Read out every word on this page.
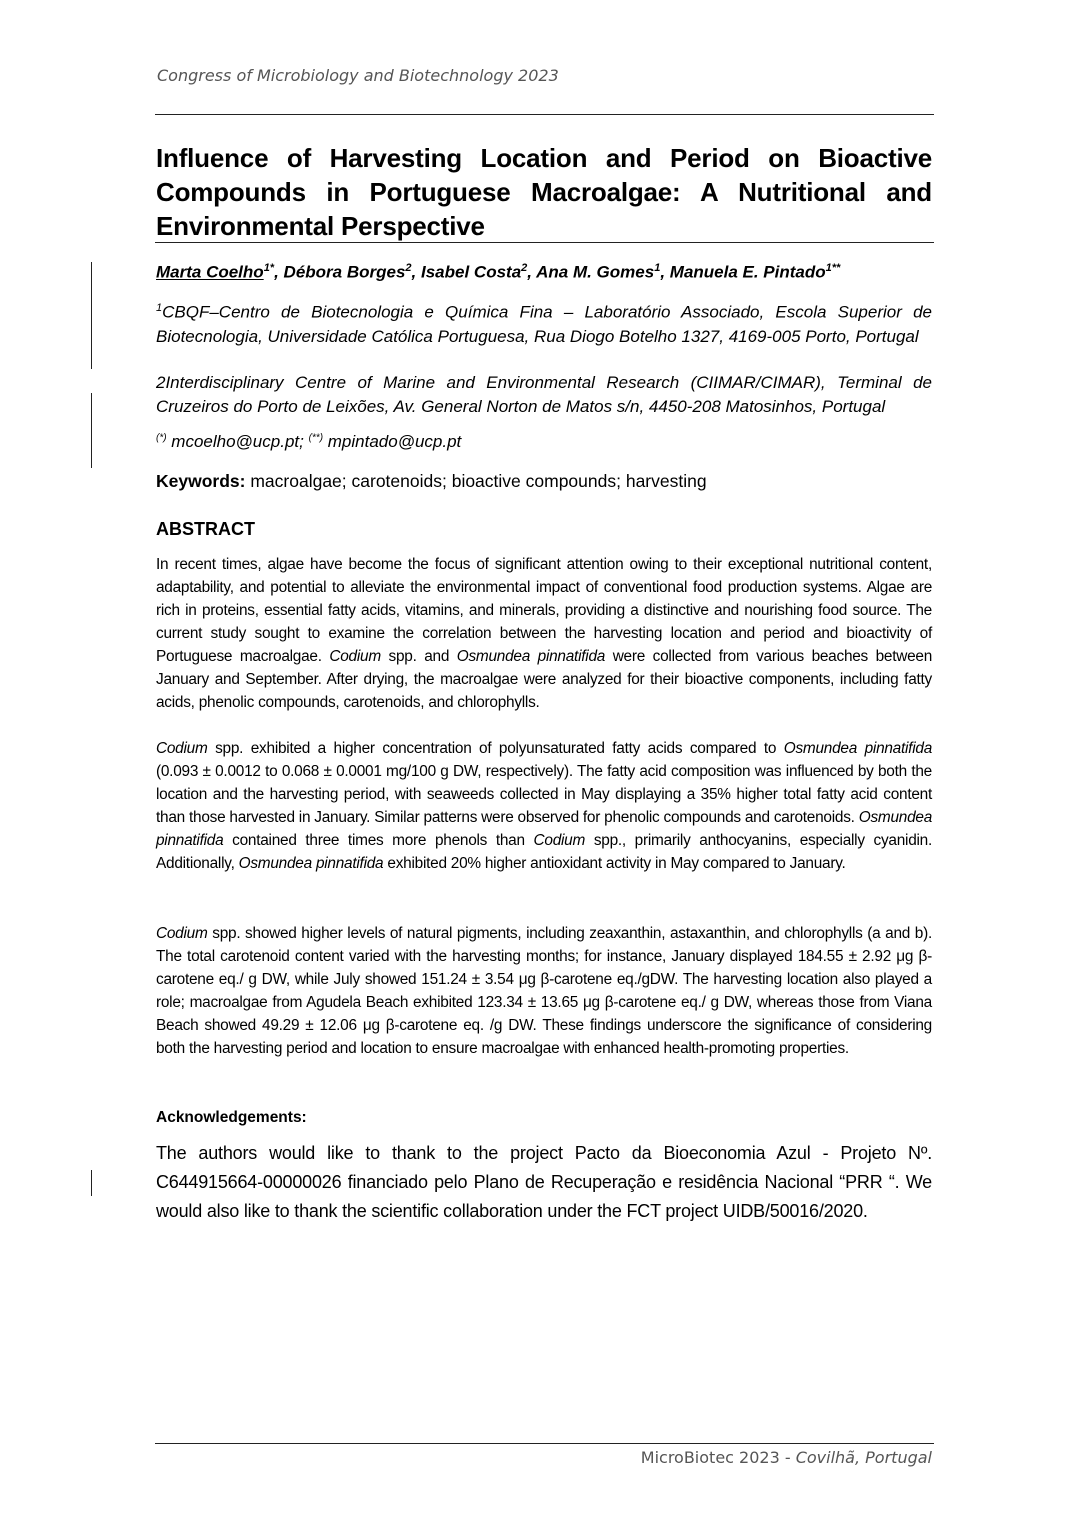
Congress of Microbiology and Biotechnology 2023
Influence of Harvesting Location and Period on Bioactive Compounds in Portuguese Macroalgae: A Nutritional and Environmental Perspective
Marta Coelho$^{1*}$, Débora Borges$^2$, Isabel Costa$^2$, Ana M. Gomes$^1$, Manuela E. Pintado$^{1**}$
$^1$CBQF–Centro de Biotecnologia e Química Fina – Laboratório Associado, Escola Superior de Biotecnologia, Universidade Católica Portuguesa, Rua Diogo Botelho 1327, 4169-005 Porto, Portugal
2Interdisciplinary Centre of Marine and Environmental Research (CIIMAR/CIMAR), Terminal de Cruzeiros do Porto de Leixões, Av. General Norton de Matos s/n, 4450-208 Matosinhos, Portugal
(*) mcoelho@ucp.pt; (**) mpintado@ucp.pt
Keywords: macroalgae; carotenoids; bioactive compounds; harvesting
ABSTRACT

In recent times, algae have become the focus of significant attention owing to their exceptional nutritional content, adaptability, and potential to alleviate the environmental impact of conventional food production systems. Algae are rich in proteins, essential fatty acids, vitamins, and minerals, providing a distinctive and nourishing food source. The current study sought to examine the correlation between the harvesting location and period and bioactivity of Portuguese macroalgae. Codium spp. and Osmundea pinnatifida were collected from various beaches between January and September. After drying, the macroalgae were analyzed for their bioactive components, including fatty acids, phenolic compounds, carotenoids, and chlorophylls.

Codium spp. exhibited a higher concentration of polyunsaturated fatty acids compared to Osmundea pinnatifida (0.093 ± 0.0012 to 0.068 ± 0.0001 mg/100 g DW, respectively). The fatty acid composition was influenced by both the location and the harvesting period, with seaweeds collected in May displaying a 35% higher total fatty acid content than those harvested in January. Similar patterns were observed for phenolic compounds and carotenoids. Osmundea pinnatifida contained three times more phenols than Codium spp., primarily anthocyanins, especially cyanidin. Additionally, Osmundea pinnatifida exhibited 20% higher antioxidant activity in May compared to January.

Codium spp. showed higher levels of natural pigments, including zeaxanthin, astaxanthin, and chlorophylls (a and b). The total carotenoid content varied with the harvesting months; for instance, January displayed 184.55 ± 2.92 μg β-carotene eq./ g DW, while July showed 151.24 ± 3.54 μg β-carotene eq./gDW. The harvesting location also played a role; macroalgae from Agudela Beach exhibited 123.34 ± 13.65 μg β-carotene eq./ g DW, whereas those from Viana Beach showed 49.29 ± 12.06 μg β-carotene eq. /g DW. These findings underscore the significance of considering both the harvesting period and location to ensure macroalgae with enhanced health-promoting properties.

Acknowledgements:

The authors would like to thank to the project Pacto da Bioeconomia Azul - Projeto Nº. C644915664-00000026 financiado pelo Plano de Recuperação e residência Nacional “PRR “. We would also like to thank the scientific collaboration under the FCT project UIDB/50016/2020.

MicroBiotec 2023 - Covilhã, Portugal
